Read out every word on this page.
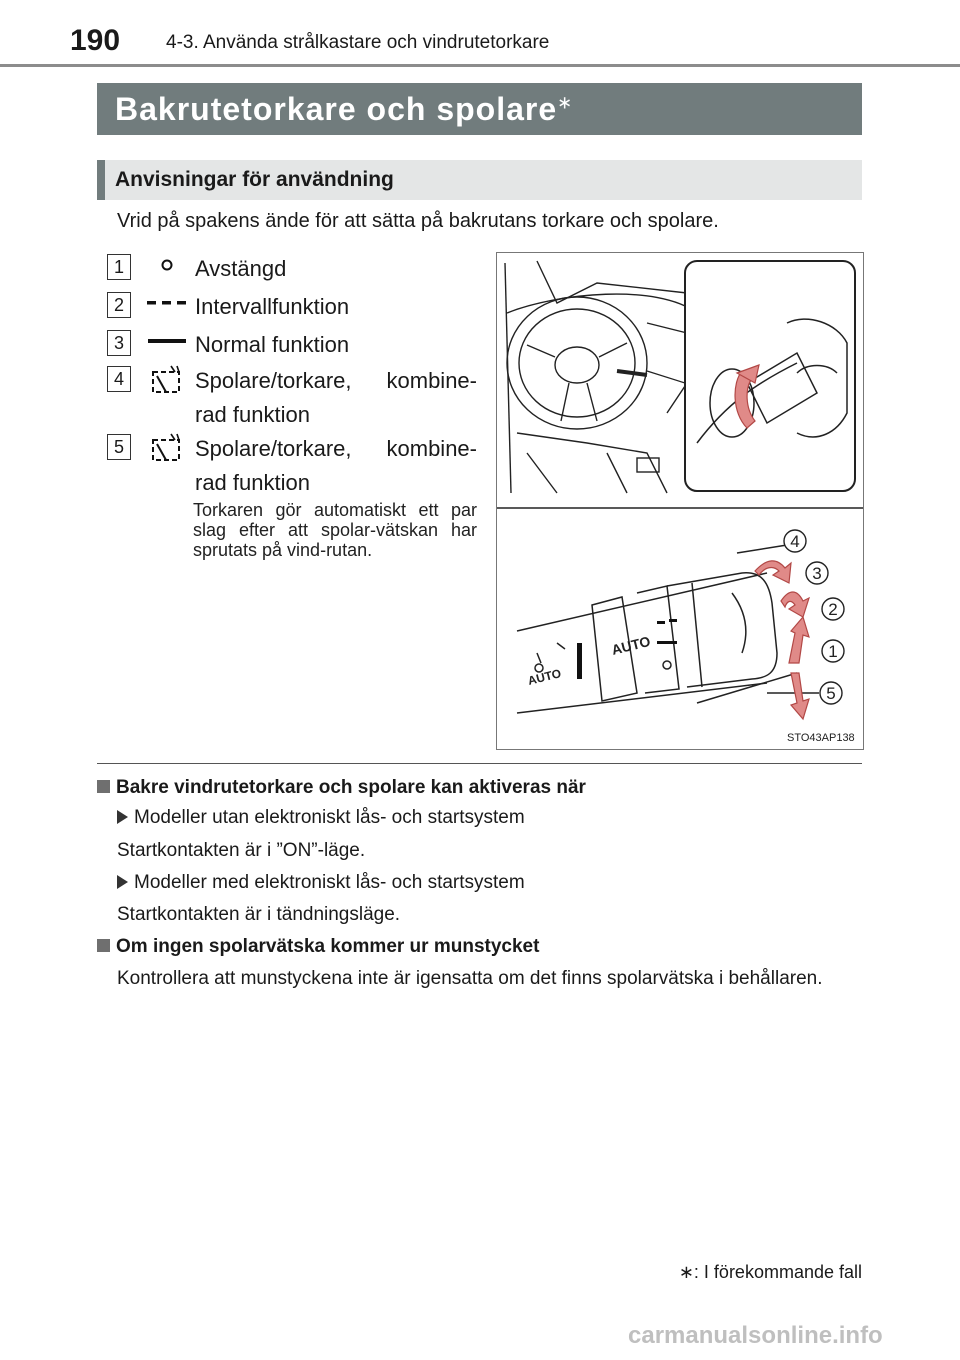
190 4-3. Använda strålkastare och vindrutetorkare
Bakrutetorkare och spolare∗
Anvisningar för användning
Vrid på spakens ände för att sätta på bakrutans torkare och spolare.
1	Avstängd
2	Intervallfunktion
3	Normal funktion
4	Spolare/torkare, kombine-rad funktion
5	Spolare/torkare, kombine-rad funktion
Torkaren gör automatiskt ett par slag efter att spolar-vätskan har sprutats på vind-rutan.
AUTO
AUTO
4
3
2
1
5
STO43AP138
Bakre vindrutetorkare och spolare kan aktiveras när
Modeller utan elektroniskt lås- och startsystem
Startkontakten är i ”ON”-läge.
Modeller med elektroniskt lås- och startsystem
Startkontakten är i tändningsläge.
Om ingen spolarvätska kommer ur munstycket
Kontrollera att munstyckena inte är igensatta om det finns spolarvätska i behållaren.
∗: I förekommande fall
carmanualsonline.info
